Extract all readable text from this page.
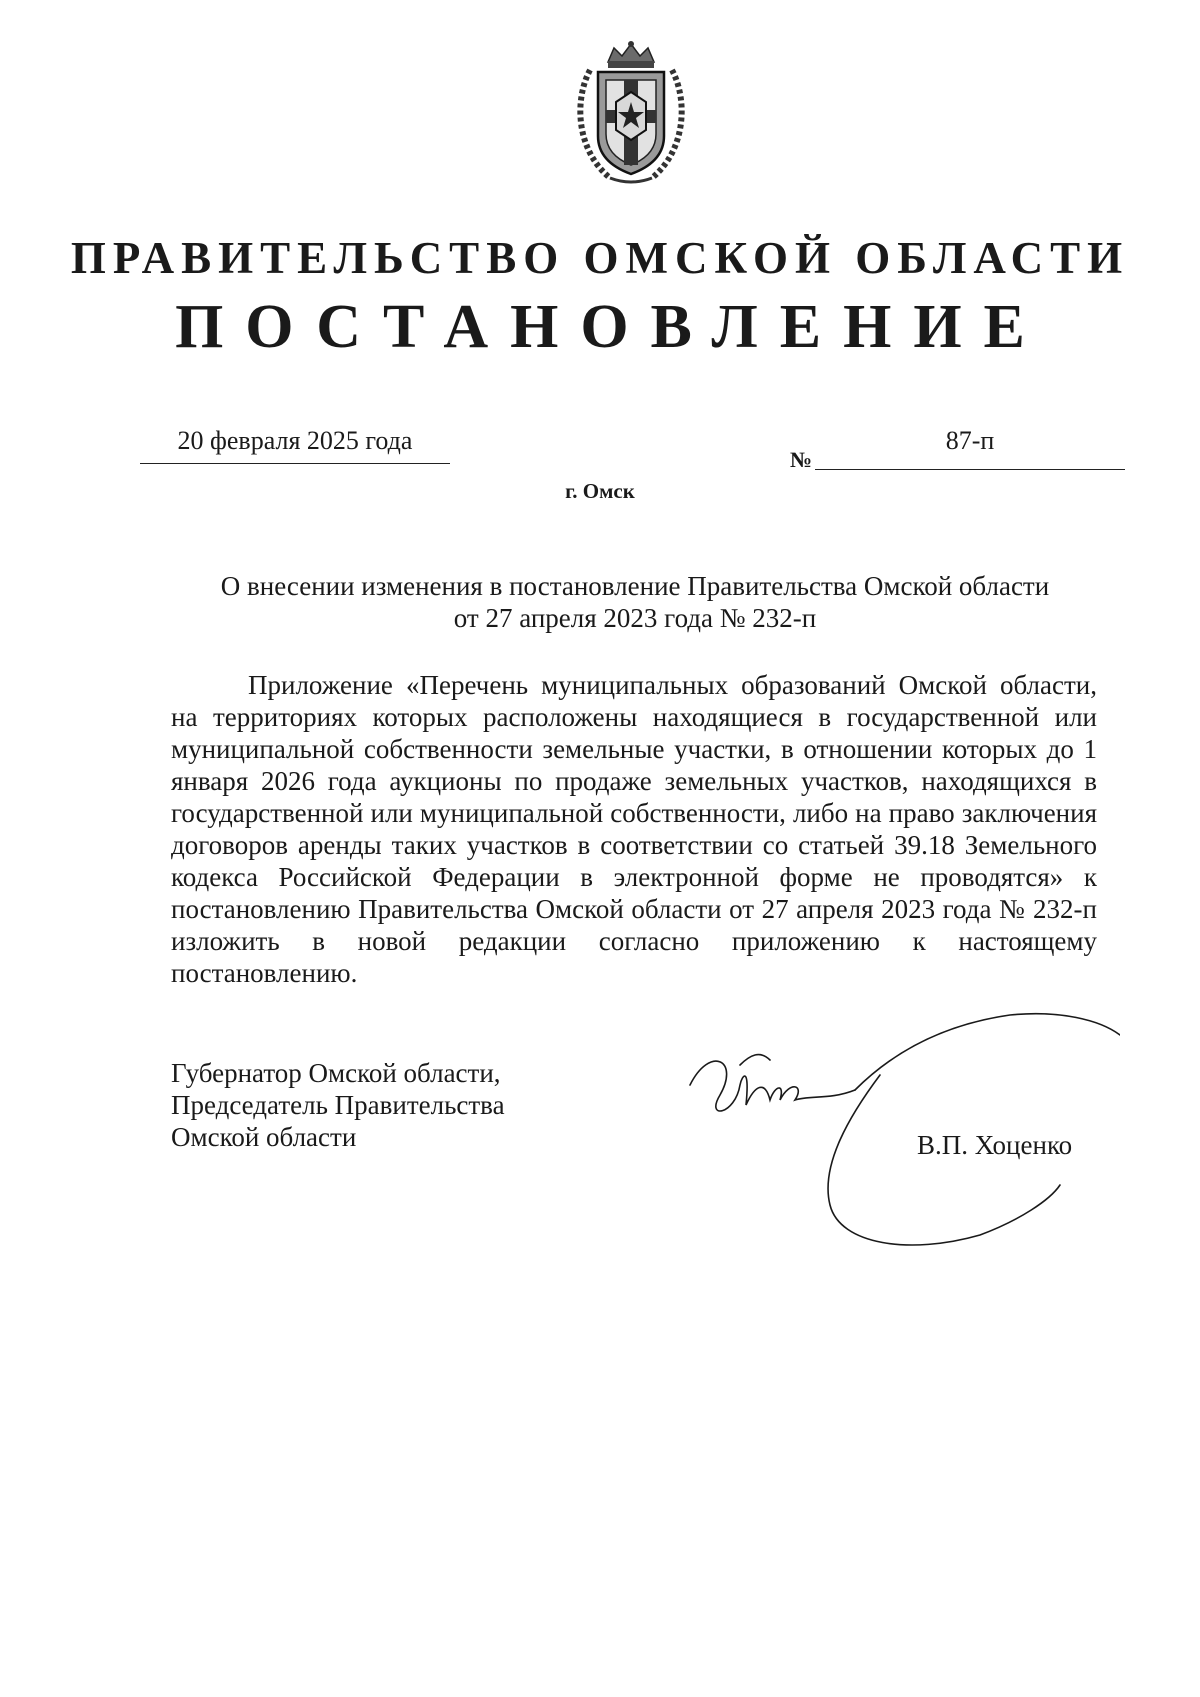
ПРАВИТЕЛЬСТВО ОМСКОЙ ОБЛАСТИ
ПОСТАНОВЛЕНИЕ
20 февраля 2025 года
№
87-п
г. Омск
О внесении изменения в постановление Правительства Омской области
от 27 апреля 2023 года № 232-п
Приложение «Перечень муниципальных образований Омской области, на территориях которых расположены находящиеся в государственной или муниципальной собственности земельные участки, в отношении которых до 1 января 2026 года аукционы по продаже земельных участков, находящихся в государственной или муниципальной собственности, либо на право заключения договоров аренды таких участков в соответствии со статьей 39.18 Земельного кодекса Российской Федерации в электронной форме не проводятся» к постановлению Правительства Омской области от 27 апреля 2023 года № 232-п изложить в новой редакции согласно приложению к настоящему постановлению.
Губернатор Омской области,
Председатель Правительства
Омской области	В.П. Хоценко
